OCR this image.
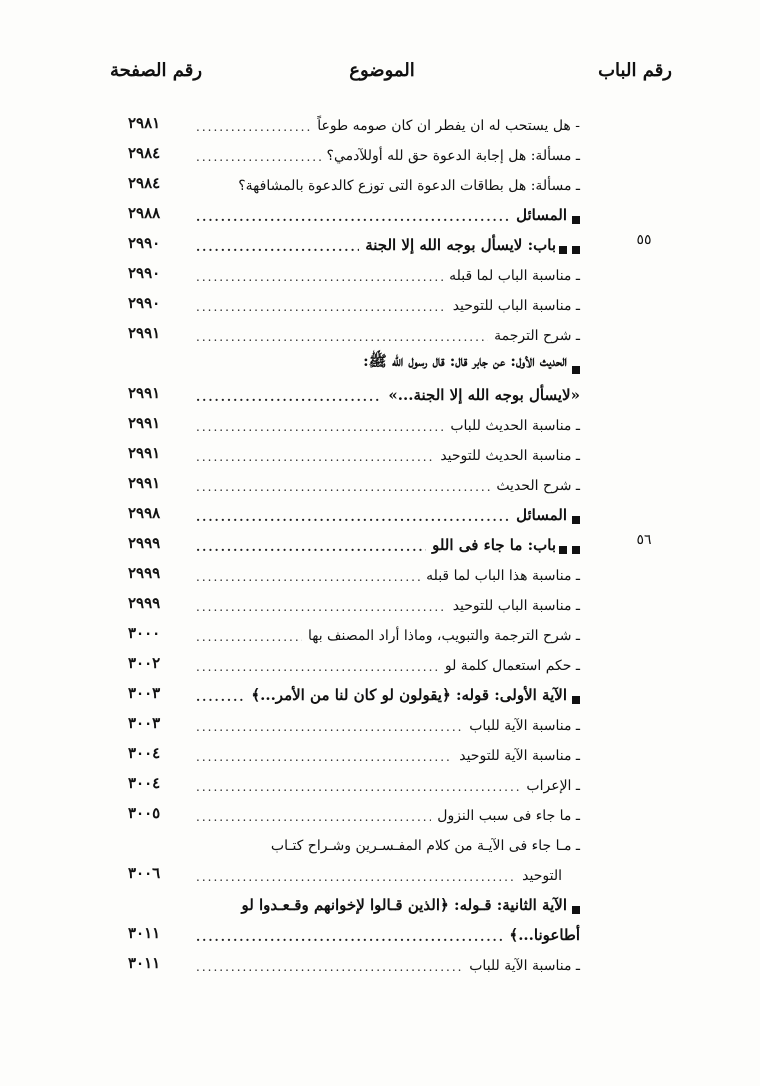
رقم الباب
الموضوع
رقم الصفحة
- هل يستحب له ان يفطر ان كان صومه طوعاً
.....
٢٩٨١
ـ مسألة: هل إجابة الدعوة حق لله أوللآدمي؟
.....
٢٩٨٤
ـ مسألة: هل بطاقات الدعوة التى توزع كالدعوة بالمشافهة؟
٢٩٨٤
المسائل
.....
٢٩٨٨
٥٥
باب: لايسأل بوجه الله إلا الجنة
.....
٢٩٩٠
ـ مناسبة الباب لما قبله
.....
٢٩٩٠
ـ مناسبة الباب للتوحيد
.....
٢٩٩٠
ـ شرح الترجمة
.....
٢٩٩١
الحديث الأول: عن جابر قال: قال رسول الله ﷺ:
«لايسأل بوجه الله إلا الجنة...»
.....
٢٩٩١
ـ مناسبة الحديث للباب
.....
٢٩٩١
ـ مناسبة الحديث للتوحيد
.....
٢٩٩١
ـ شرح الحديث
.....
٢٩٩١
المسائل
.....
٢٩٩٨
٥٦
باب: ما جاء فى اللو
.....
٢٩٩٩
ـ مناسبة هذا الباب لما قبله
.....
٢٩٩٩
ـ مناسبة الباب للتوحيد
.....
٢٩٩٩
ـ شرح الترجمة والتبويب، وماذا أراد المصنف بها
.....
٣٠٠٠
ـ حكم استعمال كلمة لو
.....
٣٠٠٢
الآية الأولى: قوله: ﴿يقولون لو كان لنا من الأمر...﴾
.....
٣٠٠٣
ـ مناسبة الآية للباب
.....
٣٠٠٣
ـ مناسبة الآية للتوحيد
.....
٣٠٠٤
ـ الإعراب
.....
٣٠٠٤
ـ ما جاء فى سبب النزول
.....
٣٠٠٥
ـ مـا جاء فى الآيـة من كلام المفـسـرين وشـراح كتـاب
التوحيد
.....
٣٠٠٦
الآية الثانية: قـوله: ﴿الذين قـالوا لإخوانهم وقـعـدوا لو
أطاعونا...﴾
.....
٣٠١١
ـ مناسبة الآية للباب
.....
٣٠١١
